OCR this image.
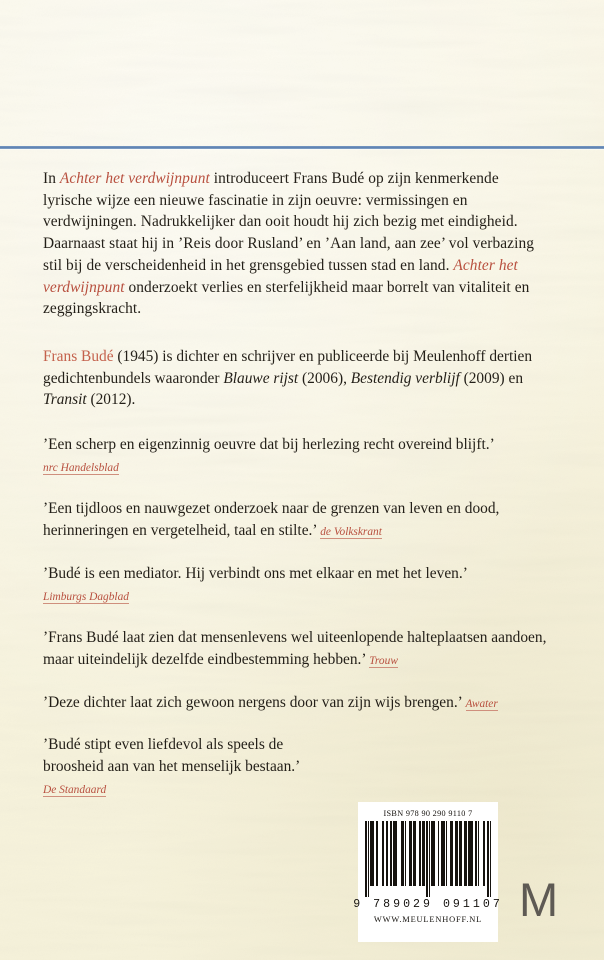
In Achter het verdwijnpunt introduceert Frans Budé op zijn kenmerkende lyrische wijze een nieuwe fascinatie in zijn oeuvre: vermissingen en verdwijningen. Nadrukkelijker dan ooit houdt hij zich bezig met eindigheid. Daarnaast staat hij in ’Reis door Rusland’ en ’Aan land, aan zee’ vol verbazing stil bij de verscheidenheid in het grensgebied tussen stad en land. Achter het verdwijnpunt onderzoekt verlies en sterfelijkheid maar borrelt van vitaliteit en zeggingskracht.

Frans Budé (1945) is dichter en schrijver en publiceerde bij Meulenhoff dertien gedichtenbundels waaronder Blauwe rijst (2006), Bestendig verblijf (2009) en Transit (2012).

’Een scherp en eigenzinnig oeuvre dat bij herlezing recht overeind blijft.’ nrc Handelsblad

’Een tijdloos en nauwgezet onderzoek naar de grenzen van leven en dood, herinneringen en vergetelheid, taal en stilte.’ de Volkskrant

’Budé is een mediator. Hij verbindt ons met elkaar en met het leven.’ Limburgs Dagblad

’Frans Budé laat zien dat mensenlevens wel uiteenlopende halteplaatsen aandoen, maar uiteindelijk dezelfde eindbestemming hebben.’ Trouw

’Deze dichter laat zich gewoon nergens door van zijn wijs brengen.’ Awater

’Budé stipt even liefdevol als speels de broosheid aan van het menselijk bestaan.’
De Standaard

ISBN 978 90 290 9110 7
9 789029 091107
WWW.MEULENHOFF.NL M
